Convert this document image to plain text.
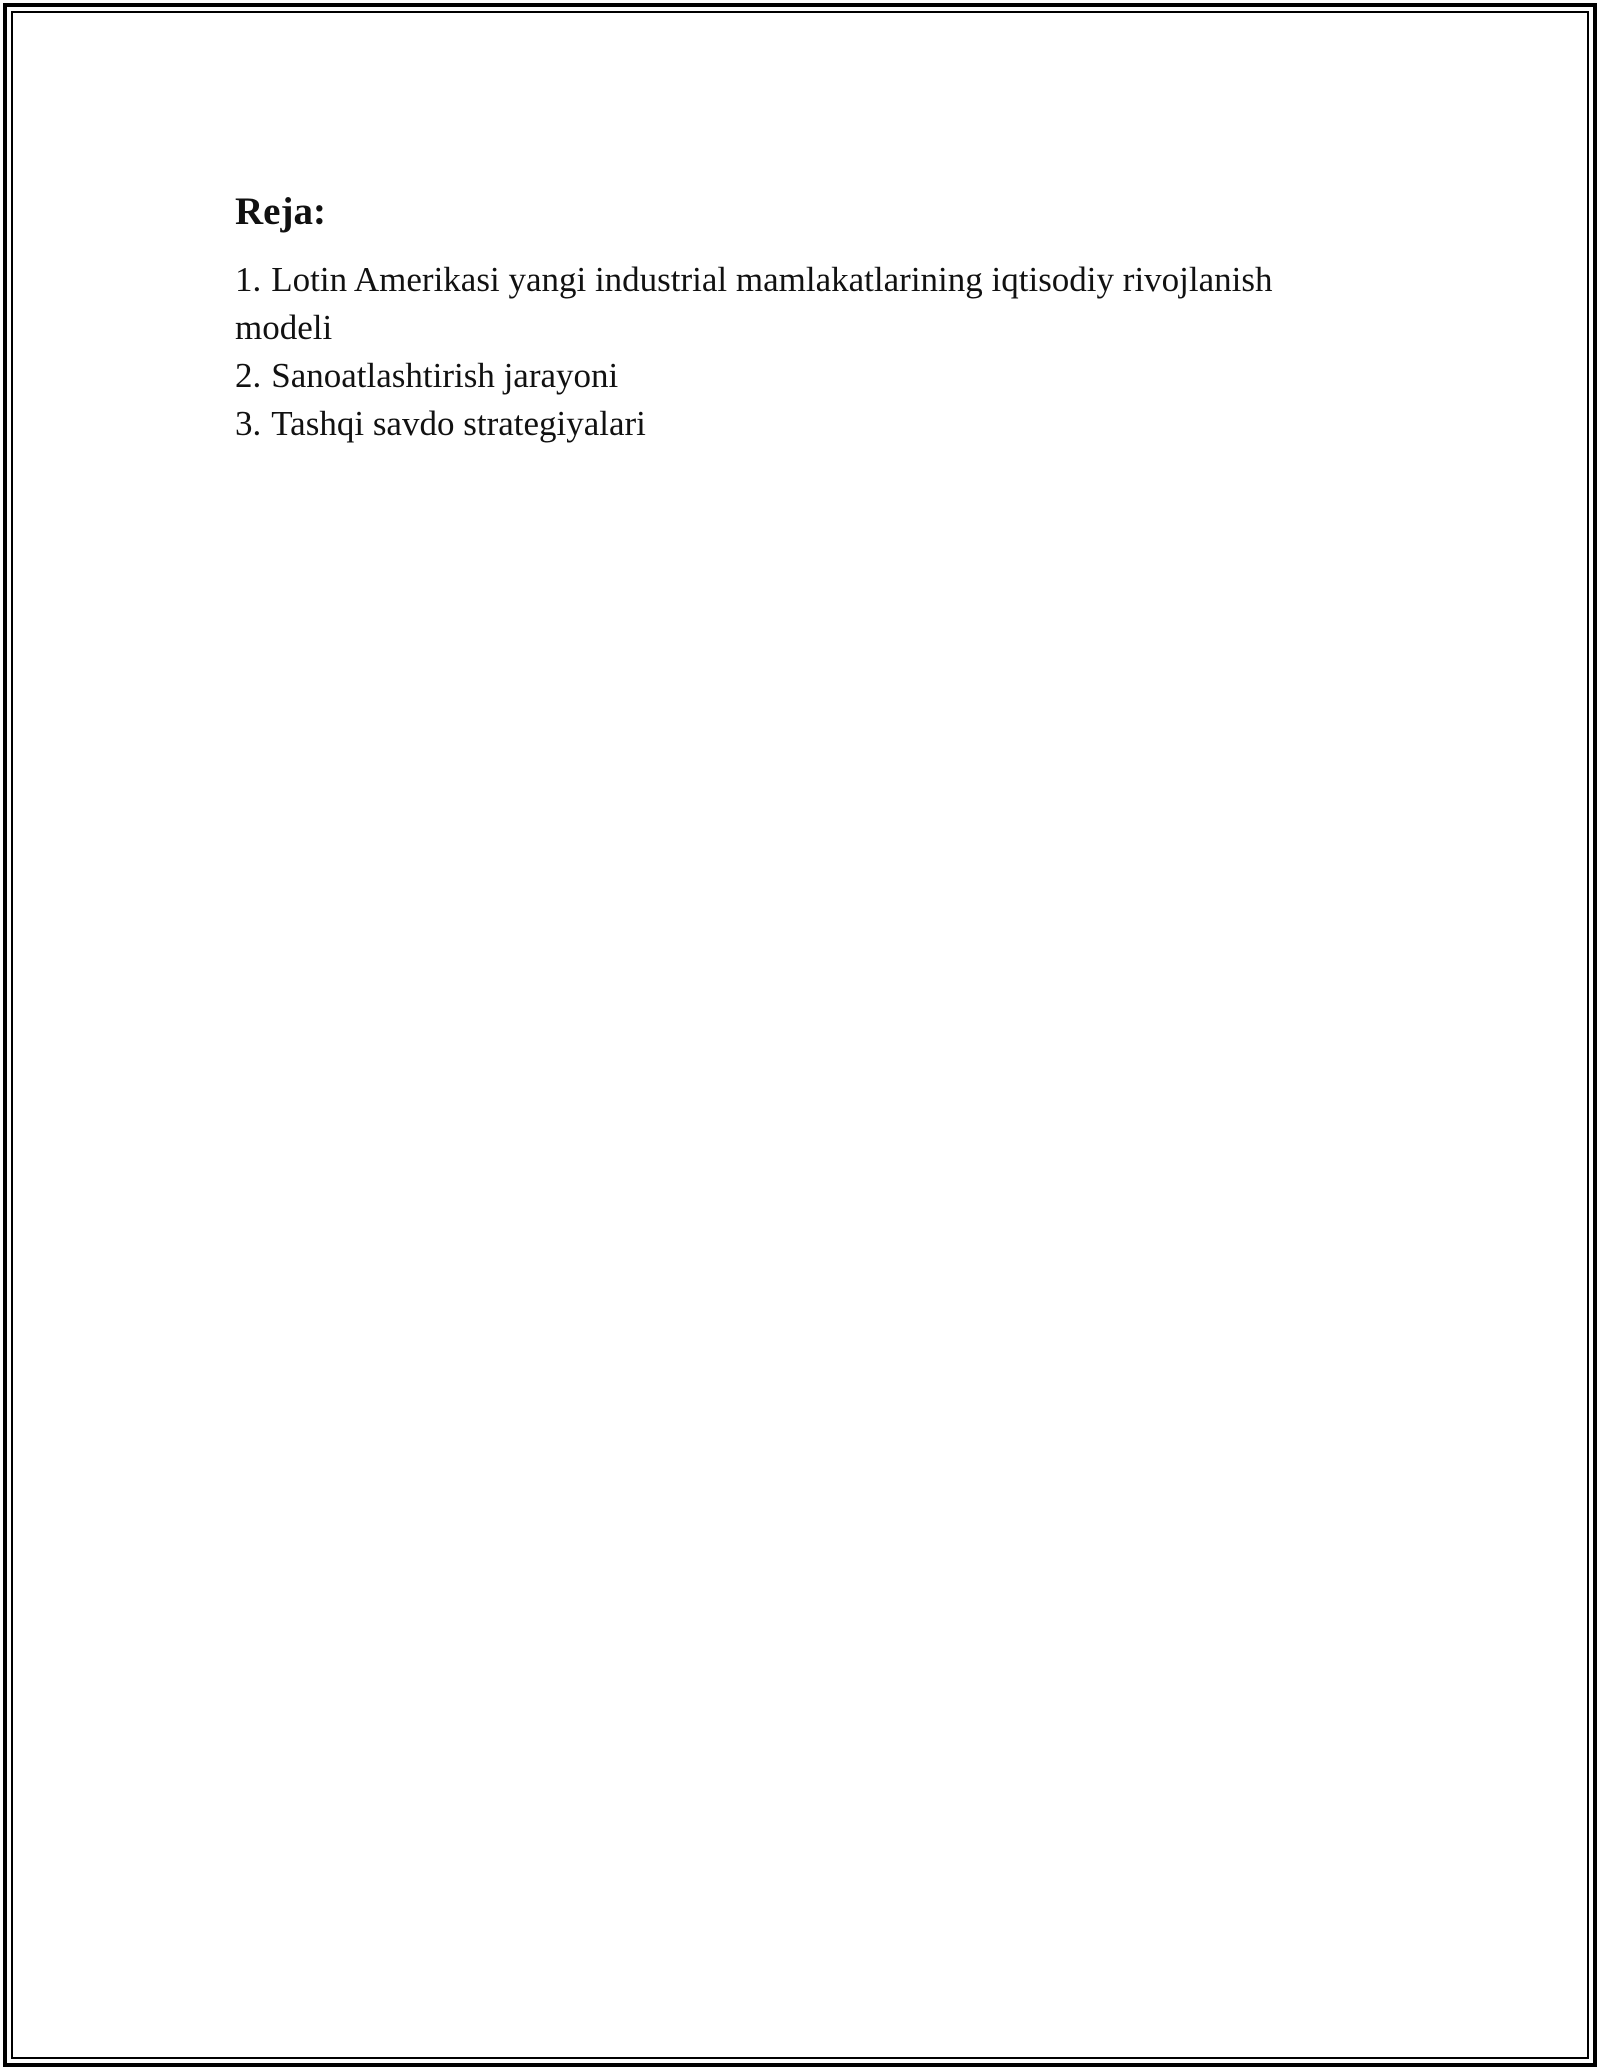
Reja:
1. Lotin Amerikasi yangi industrial mamlakatlarining iqtisodiy rivojlanish modeli
2. Sanoatlashtirish jarayoni
3. Tashqi savdo strategiyalari
